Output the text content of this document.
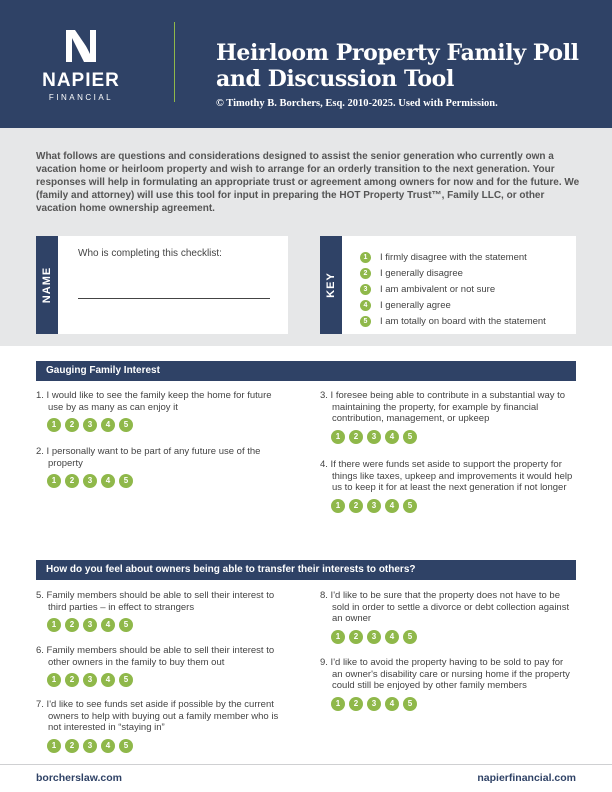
NAPIER
FINANCIAL
Heirloom Property Family Poll
and Discussion Tool
© Timothy B. Borchers, Esq. 2010-2025. Used with Permission.
What follows are questions and considerations designed to assist the senior generation who currently own a vacation home or heirloom property and wish to arrange for an orderly transition to the next generation. Your responses will help in formulating an appropriate trust or agreement among owners for now and for the future. We (family and attorney) will use this tool for input in preparing the HOT Property Trust™, Family LLC, or other vacation home ownership agreement.
NAME
Who is completing this checklist:
KEY
1	I firmly disagree with the statement
2	I generally disagree
3	I am ambivalent or not sure
4	I generally agree
5	I am totally on board with the statement
Gauging Family Interest
1. I would like to see the family keep the home for future use by as many as can enjoy it
1	2	3	4	5
2. I personally want to be part of any future use of the property
1	2	3	4	5
3. I foresee being able to contribute in a substantial way to maintaining the property, for example by financial contribution, management, or upkeep
1	2	3	4	5
4. If there were funds set aside to support the property for things like taxes, upkeep and improvements it would help us to keep it for at least the next generation if not longer
1	2	3	4	5
How do you feel about owners being able to transfer their interests to others?
5. Family members should be able to sell their interest to third parties – in effect to strangers
1	2	3	4	5
6. Family members should be able to sell their interest to other owners in the family to buy them out
1	2	3	4	5
7. I'd like to see funds set aside if possible by the current owners to help with buying out a family member who is not interested in “staying in”
1	2	3	4	5
8. I'd like to be sure that the property does not have to be sold in order to settle a divorce or debt collection against an owner
1	2	3	4	5
9. I'd like to avoid the property having to be sold to pay for an owner's disability care or nursing home if the property could still be enjoyed by other family members
1	2	3	4	5
borcherslaw.com	napierfinancial.com
